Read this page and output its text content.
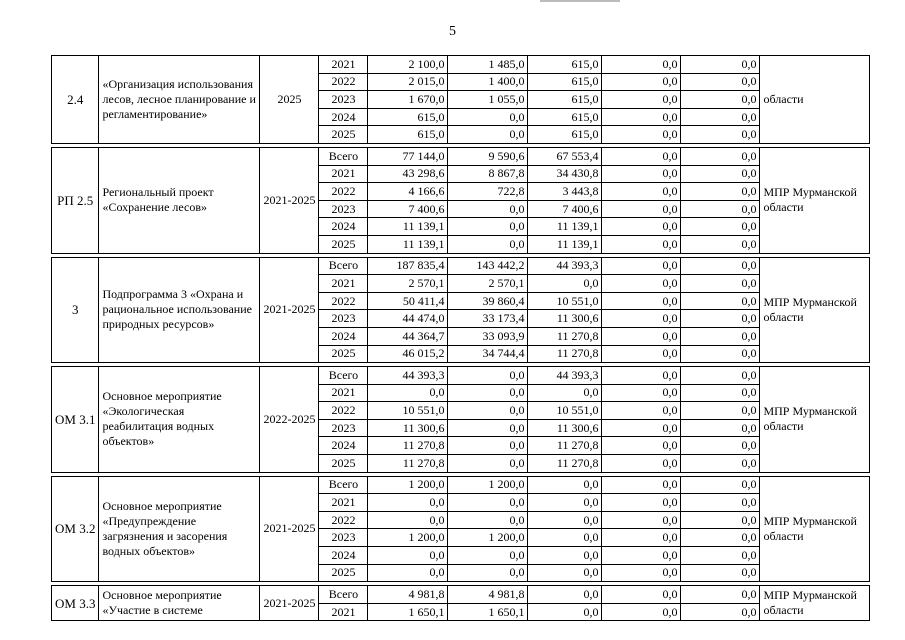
5
2.4	«Организация использования лесов, лесное планирование и регламентирование»	2025	2021	2 100,0	1 485,0	615,0	0,0	0,0	области
			2022	2 015,0	1 400,0	615,0	0,0	0,0	
			2023	1 670,0	1 055,0	615,0	0,0	0,0	
			2024	615,0	0,0	615,0	0,0	0,0	
			2025	615,0	0,0	615,0	0,0	0,0	

РП 2.5	Региональный проект «Сохранение лесов»	2021-2025	Всего	77 144,0	9 590,6	67 553,4	0,0	0,0	МПР Мурманской области
			2021	43 298,6	8 867,8	34 430,8	0,0	0,0	
			2022	4 166,6	722,8	3 443,8	0,0	0,0	
			2023	7 400,6	0,0	7 400,6	0,0	0,0	
			2024	11 139,1	0,0	11 139,1	0,0	0,0	
			2025	11 139,1	0,0	11 139,1	0,0	0,0	

3	Подпрограмма 3 «Охрана и рациональное использование природных ресурсов»	2021-2025	Всего	187 835,4	143 442,2	44 393,3	0,0	0,0	МПР Мурманской области
			2021	2 570,1	2 570,1	0,0	0,0	0,0	
			2022	50 411,4	39 860,4	10 551,0	0,0	0,0	
			2023	44 474,0	33 173,4	11 300,6	0,0	0,0	
			2024	44 364,7	33 093,9	11 270,8	0,0	0,0	
			2025	46 015,2	34 744,4	11 270,8	0,0	0,0	

ОМ 3.1	Основное мероприятие «Экологическая реабилитация водных объектов»	2022-2025	Всего	44 393,3	0,0	44 393,3	0,0	0,0	МПР Мурманской области
			2021	0,0	0,0	0,0	0,0	0,0	
			2022	10 551,0	0,0	10 551,0	0,0	0,0	
			2023	11 300,6	0,0	11 300,6	0,0	0,0	
			2024	11 270,8	0,0	11 270,8	0,0	0,0	
			2025	11 270,8	0,0	11 270,8	0,0	0,0	

ОМ 3.2	Основное мероприятие «Предупреждение загрязнения и засорения водных объектов»	2021-2025	Всего	1 200,0	1 200,0	0,0	0,0	0,0	МПР Мурманской области
			2021	0,0	0,0	0,0	0,0	0,0	
			2022	0,0	0,0	0,0	0,0	0,0	
			2023	1 200,0	1 200,0	0,0	0,0	0,0	
			2024	0,0	0,0	0,0	0,0	0,0	
			2025	0,0	0,0	0,0	0,0	0,0	

ОМ 3.3	Основное мероприятие «Участие в системе	2021-2025	Всего	4 981,8	4 981,8	0,0	0,0	0,0	МПР Мурманской области
			2021	1 650,1	1 650,1	0,0	0,0	0,0	
